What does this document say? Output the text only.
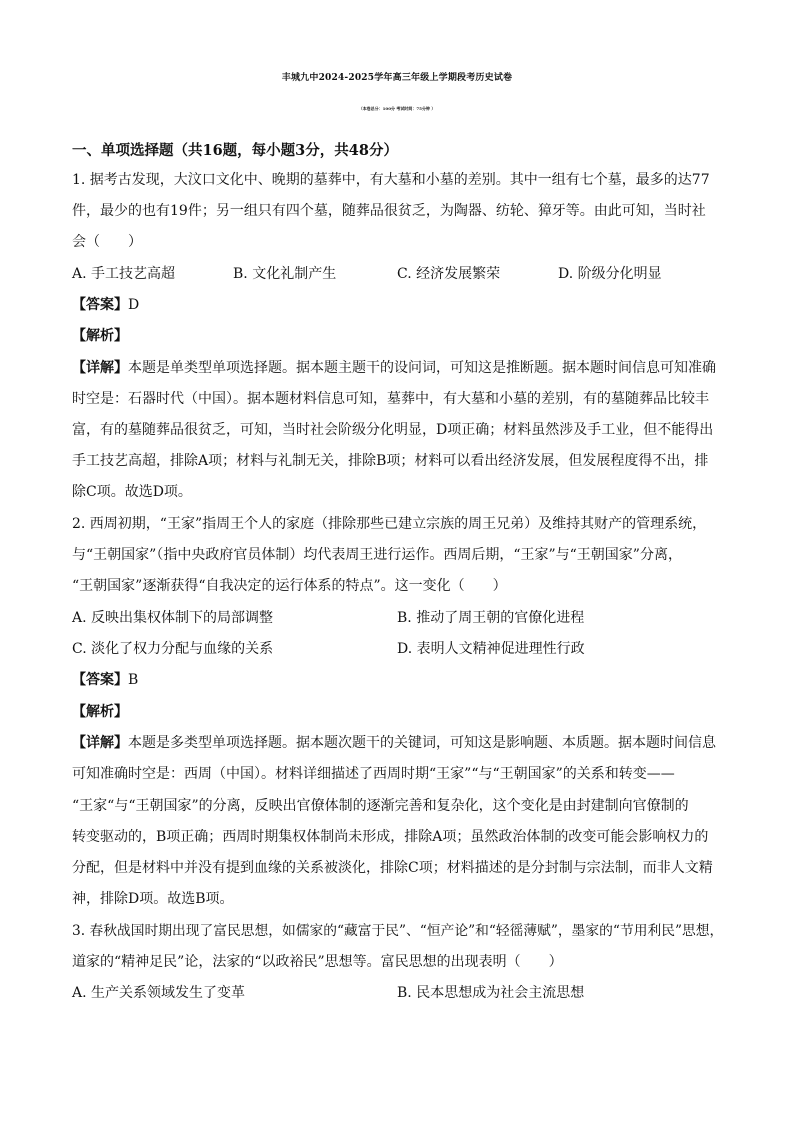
丰城九中2024-2025学年高三年级上学期段考历史试卷
（本卷总分：100分 考试时间：75分钟 ）
一、单项选择题（共16题，每小题3分，共48分）
1. 据考古发现，大汶口文化中、晚期的墓葬中，有大墓和小墓的差别。其中一组有七个墓，最多的达77
件，最少的也有19件；另一组只有四个墓，随葬品很贫乏，为陶器、纺轮、獐牙等。由此可知，当时社
会（　　）
A. 手工技艺高超	B. 文化礼制产生	C. 经济发展繁荣	D. 阶级分化明显
【答案】D
【解析】
【详解】本题是单类型单项选择题。据本题主题干的设问词，可知这是推断题。据本题时间信息可知准确
时空是：石器时代（中国）。据本题材料信息可知，墓葬中，有大墓和小墓的差别，有的墓随葬品比较丰
富，有的墓随葬品很贫乏，可知，当时社会阶级分化明显，D项正确；材料虽然涉及手工业，但不能得出
手工技艺高超，排除A项；材料与礼制无关，排除B项；材料可以看出经济发展，但发展程度得不出，排
除C项。故选D项。
2. 西周初期，“王家”指周王个人的家庭（排除那些已建立宗族的周王兄弟）及维持其财产的管理系统，
与“王朝国家”（指中央政府官员体制）均代表周王进行运作。西周后期，“王家”与“王朝国家”分离，
“王朝国家”逐渐获得“自我决定的运行体系的特点”。这一变化（　　）
A. 反映出集权体制下的局部调整	B. 推动了周王朝的官僚化进程
C. 淡化了权力分配与血缘的关系	D. 表明人文精神促进理性行政
【答案】B
【解析】
【详解】本题是多类型单项选择题。据本题次题干的关键词，可知这是影响题、本质题。据本题时间信息
可知准确时空是：西周（中国）。材料详细描述了西周时期“王家”“与“王朝国家”的关系和转变——
“王家“与“王朝国家”的分离，反映出官僚体制的逐渐完善和复杂化，这个变化是由封建制向官僚制的
转变驱动的，B项正确；西周时期集权体制尚未形成，排除A项；虽然政治体制的改变可能会影响权力的
分配，但是材料中并没有提到血缘的关系被淡化，排除C项；材料描述的是分封制与宗法制，而非人文精
神，排除D项。故选B项。
3. 春秋战国时期出现了富民思想，如儒家的“藏富于民”、“恒产论”和“轻徭薄赋”，墨家的“节用利民”思想，
道家的“精神足民”论，法家的“以政裕民”思想等。富民思想的出现表明（　　）
A. 生产关系领域发生了变革	B. 民本思想成为社会主流思想
